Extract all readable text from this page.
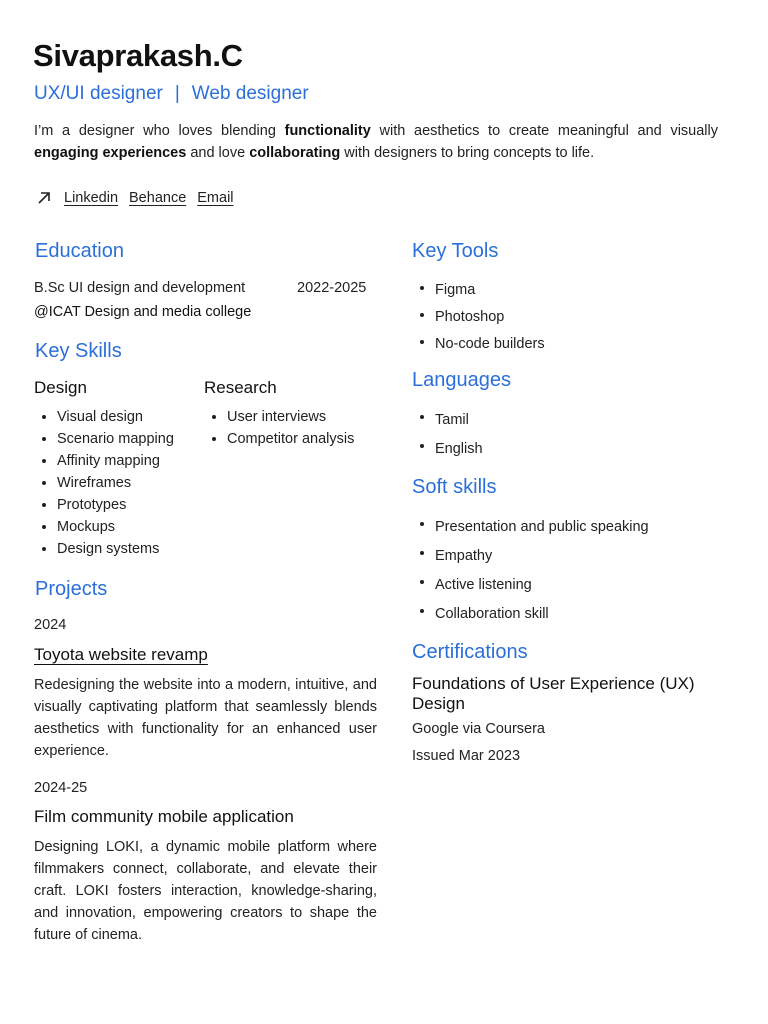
Sivaprakash.C
UX/UI designer | Web designer
I’m a designer who loves blending functionality with aesthetics to create meaningful and visually engaging experiences and love collaborating with designers to bring concepts to life.
Linkedin Behance Email
Education
B.Sc UI design and development	2022-2025
@ICAT Design and media college
Key Skills
Design
Visual design
Scenario mapping
Affinity mapping
Wireframes
Prototypes
Mockups
Design systems
Research
User interviews
Competitor analysis
Projects
2024
Toyota website revamp
Redesigning the website into a modern, intuitive, and visually captivating platform that seamlessly blends aesthetics with functionality for an enhanced user experience.
2024-25
Film community mobile application
Designing LOKI, a dynamic mobile platform where filmmakers connect, collaborate, and elevate their craft. LOKI fosters interaction, knowledge-sharing, and innovation, empowering creators to shape the future of cinema.
Key Tools
Figma
Photoshop
No-code builders
Languages
Tamil
English
Soft skills
Presentation and public speaking
Empathy
Active listening
Collaboration skill
Certifications
Foundations of User Experience (UX) Design
Google via Coursera
Issued Mar 2023
